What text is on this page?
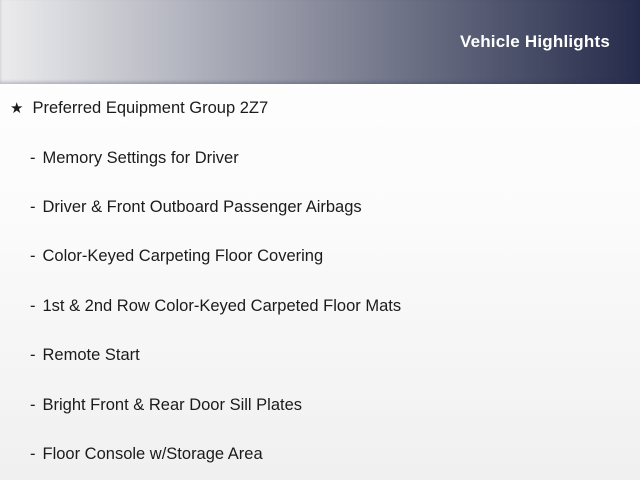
Vehicle Highlights
★ Preferred Equipment Group 2Z7
- Memory Settings for Driver
- Driver & Front Outboard Passenger Airbags
- Color-Keyed Carpeting Floor Covering
- 1st & 2nd Row Color-Keyed Carpeted Floor Mats
- Remote Start
- Bright Front & Rear Door Sill Plates
- Floor Console w/Storage Area
